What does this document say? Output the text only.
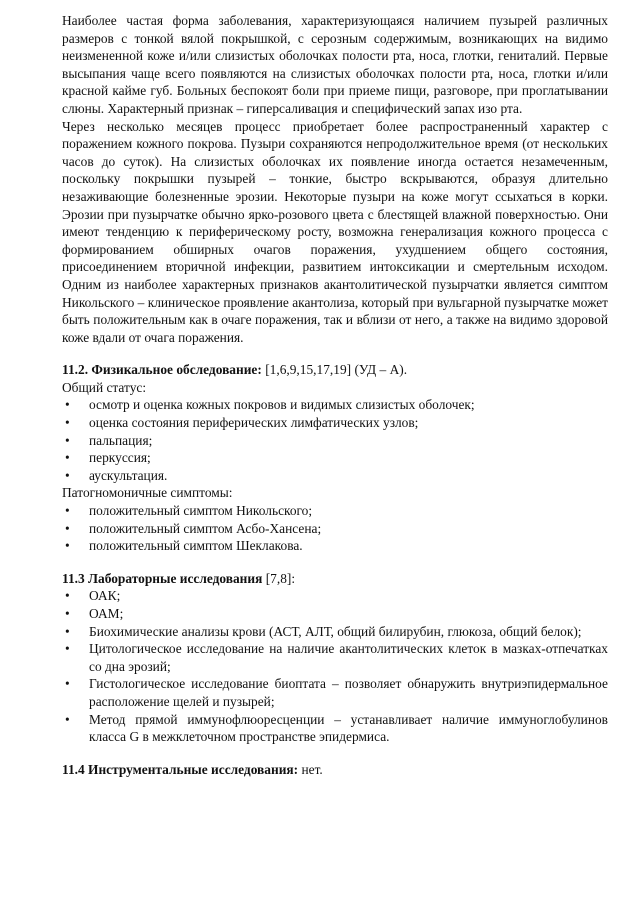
Наиболее частая форма заболевания, характеризующаяся наличием пузырей различных размеров с тонкой вялой покрышкой, с серозным содержимым, возникающих на видимо неизмененной коже и/или слизистых оболочках полости рта, носа, глотки, гениталий. Первые высыпания чаще всего появляются на слизистых оболочках полости рта, носа, глотки и/или красной кайме губ. Больных беспокоят боли при приеме пищи, разговоре, при проглатывании слюны. Характерный признак – гиперсаливация и специфический запах изо рта.

Через несколько месяцев процесс приобретает более распространенный характер с поражением кожного покрова. Пузыри сохраняются непродолжительное время (от нескольких часов до суток). На слизистых оболочках их появление иногда остается незамеченным, поскольку покрышки пузырей – тонкие, быстро вскрываются, образуя длительно незаживающие болезненные эрозии. Некоторые пузыри на коже могут ссыхаться в корки. Эрозии при пузырчатке обычно ярко-розового цвета с блестящей влажной поверхностью. Они имеют тенденцию к периферическому росту, возможна генерализация кожного процесса с формированием обширных очагов поражения, ухудшением общего состояния, присоединением вторичной инфекции, развитием интоксикации и смертельным исходом. Одним из наиболее характерных признаков акантолитической пузырчатки является симптом Никольского – клиническое проявление акантолиза, который при вульгарной пузырчатке может быть положительным как в очаге поражения, так и вблизи от него, а также на видимо здоровой коже вдали от очага поражения.

11.2. Физикальное обследование: [1,6,9,15,17,19] (УД – А).

Общий статус:

• осмотр и оценка кожных покровов и видимых слизистых оболочек;
• оценка состояния периферических лимфатических узлов;
• пальпация;
• перкуссия;
• аускультация.

Патогномоничные симптомы:

• положительный симптом Никольского;
• положительный симптом Асбо-Хансена;
• положительный симптом Шеклакова.

11.3 Лабораторные исследования [7,8]:

• ОАК;
• ОАМ;
• Биохимические анализы крови (АСТ, АЛТ, общий билирубин, глюкоза, общий белок);
• Цитологическое исследование на наличие акантолитических клеток в мазках-отпечатках со дна эрозий;
• Гистологическое исследование биоптата – позволяет обнаружить внутриэпидермальное расположение щелей и пузырей;
• Метод прямой иммунофлюоресценции – устанавливает наличие иммуноглобулинов класса G в межклеточном пространстве эпидермиса.

11.4 Инструментальные исследования: нет.
